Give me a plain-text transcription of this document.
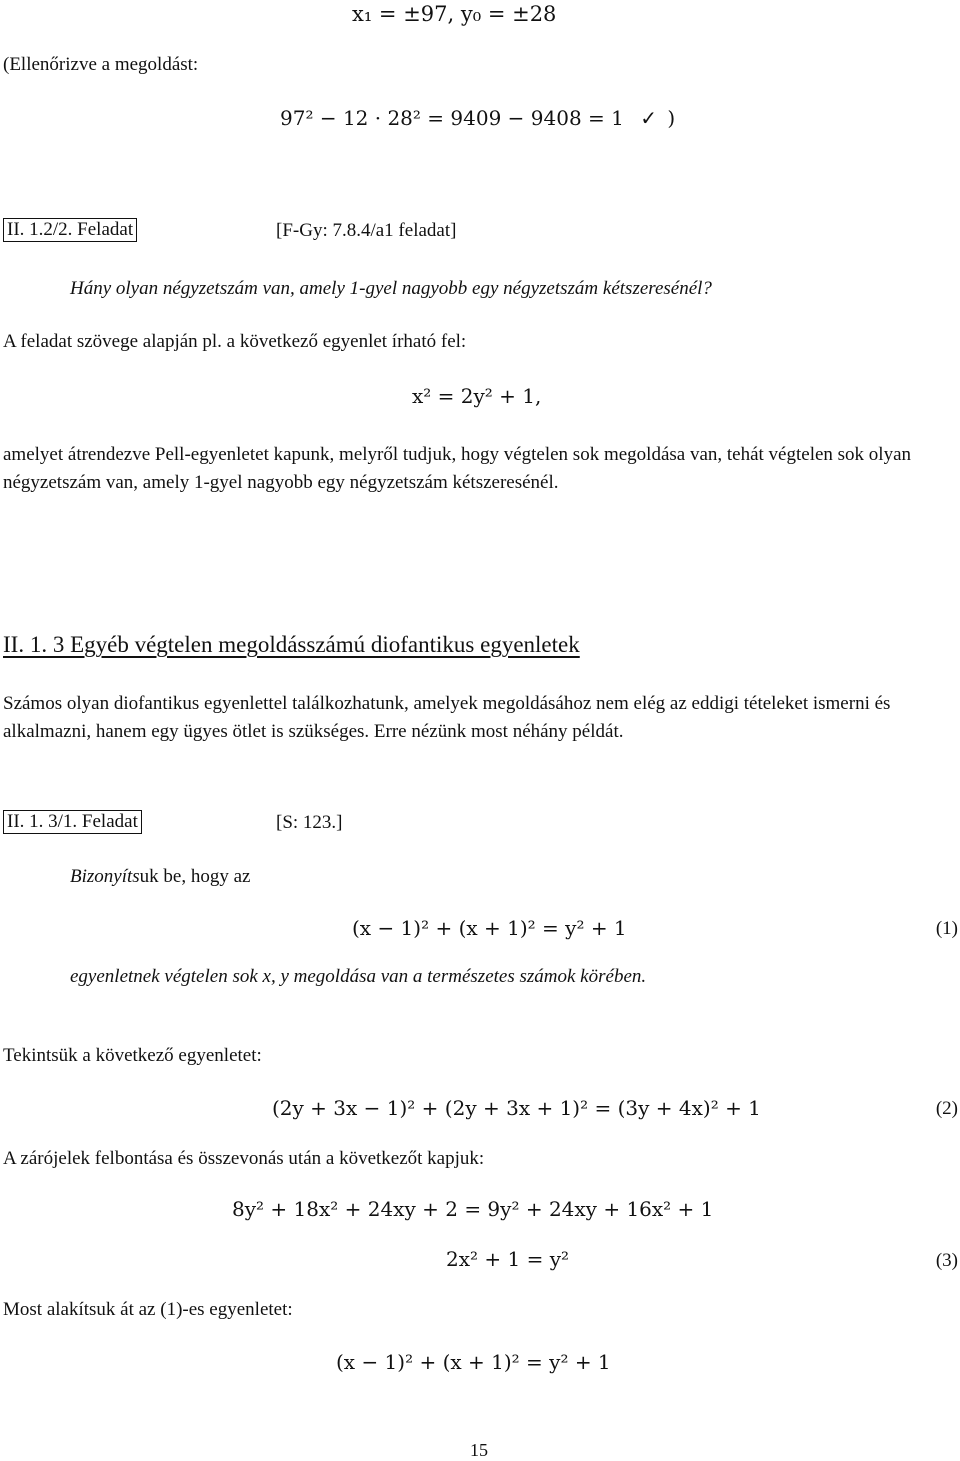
x₁ = ±97, y₀ = ±28
(Ellenőrizve a megoldást:
97² − 12 · 28² = 9409 − 9408 = 1 ✓ )
II. 1.2/2. Feladat	[F-Gy: 7.8.4/a1 feladat]
Hány olyan négyzetszám van, amely 1-gyel nagyobb egy négyzetszám kétszeresénél?
A feladat szövege alapján pl. a következő egyenlet írható fel:
x² = 2y² + 1,
amelyet átrendezve Pell-egyenletet kapunk, melyről tudjuk, hogy végtelen sok megoldása van, tehát végtelen sok olyan négyzetszám van, amely 1-gyel nagyobb egy négyzetszám kétszeresénél.
II. 1. 3 Egyéb végtelen megoldásszámú diofantikus egyenletek
Számos olyan diofantikus egyenlettel találkozhatunk, amelyek megoldásához nem elég az eddigi tételeket ismerni és alkalmazni, hanem egy ügyes ötlet is szükséges. Erre nézünk most néhány példát.
II. 1. 3/1. Feladat	[S: 123.]
Bizonyítsuk be, hogy az
(x − 1)² + (x + 1)² = y² + 1	(1)
egyenletnek végtelen sok x, y megoldása van a természetes számok körében.
Tekintsük a következő egyenletet:
(2y + 3x − 1)² + (2y + 3x + 1)² = (3y + 4x)² + 1	(2)
A zárójelek felbontása és összevonás után a következőt kapjuk:
8y² + 18x² + 24xy + 2 = 9y² + 24xy + 16x² + 1
2x² + 1 = y²	(3)
Most alakítsuk át az (1)-es egyenletet:
(x − 1)² + (x + 1)² = y² + 1
15
